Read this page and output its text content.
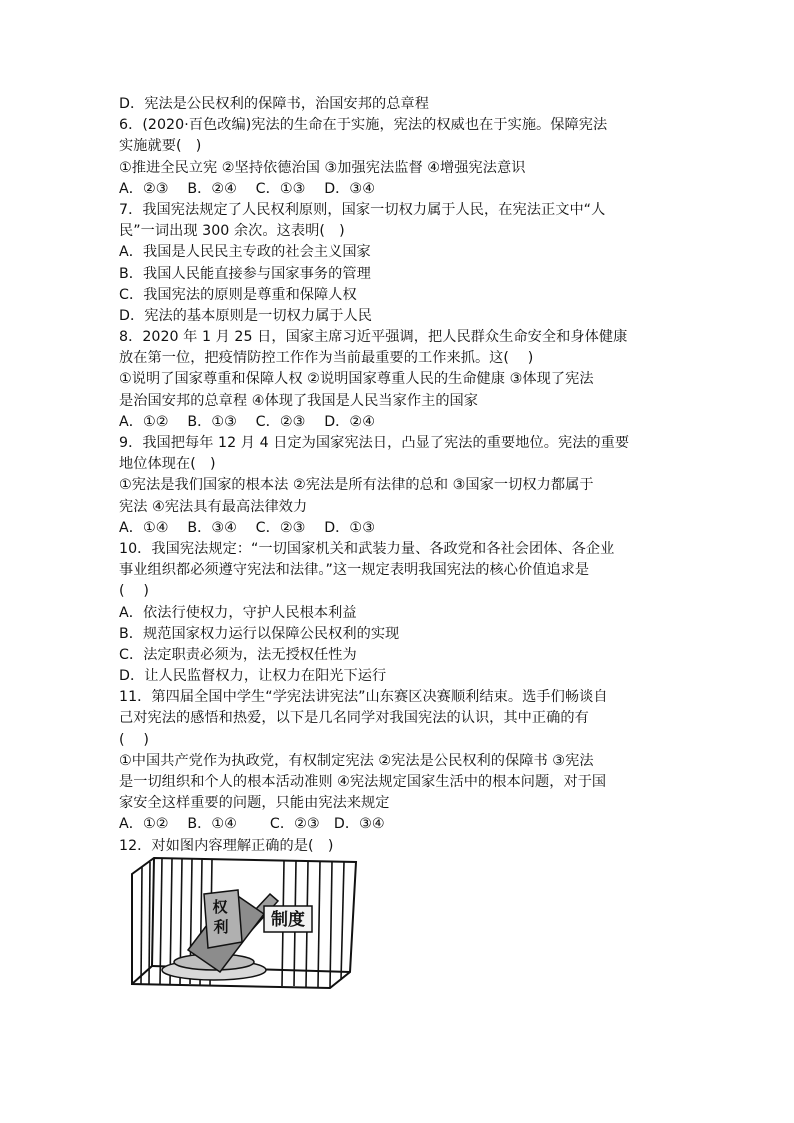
D．宪法是公民权利的保障书，治国安邦的总章程
6．(2020·百色改编)宪法的生命在于实施，宪法的权威也在于实施。保障宪法
实施就要(　)
①推进全民立宪 ②坚持依德治国 ③加强宪法监督 ④增强宪法意识
A．②③　 B．②④　 C．①③　 D．③④
7．我国宪法规定了人民权利原则，国家一切权力属于人民，在宪法正文中“人
民”一词出现 300 余次。这表明(　)
A．我国是人民民主专政的社会主义国家
B．我国人民能直接参与国家事务的管理
C．我国宪法的原则是尊重和保障人权
D．宪法的基本原则是一切权力属于人民
8．2020 年 1 月 25 日，国家主席习近平强调，把人民群众生命安全和身体健康
放在第一位，把疫情防控工作作为当前最重要的工作来抓。这(　 )
①说明了国家尊重和保障人权 ②说明国家尊重人民的生命健康 ③体现了宪法
是治国安邦的总章程 ④体现了我国是人民当家作主的国家
A．①②　 B．①③　 C．②③　 D．②④
9．我国把每年 12 月 4 日定为国家宪法日，凸显了宪法的重要地位。宪法的重要
地位体现在(　)
①宪法是我们国家的根本法 ②宪法是所有法律的总和 ③国家一切权力都属于
宪法 ④宪法具有最高法律效力
A．①④　 B．③④　 C．②③　 D．①③
10．我国宪法规定：“一切国家机关和武装力量、各政党和各社会团体、各企业
事业组织都必须遵守宪法和法律。”这一规定表明我国宪法的核心价值追求是
(　 )
A．依法行使权力，守护人民根本利益
B．规范国家权力运行以保障公民权利的实现
C．法定职责必须为，法无授权任性为
D．让人民监督权力，让权力在阳光下运行
11．第四届全国中学生“学宪法讲宪法”山东赛区决赛顺利结束。选手们畅谈自
己对宪法的感悟和热爱，以下是几名同学对我国宪法的认识，其中正确的有
(　 )
①中国共产党作为执政党，有权制定宪法 ②宪法是公民权利的保障书 ③宪法
是一切组织和个人的根本活动准则 ④宪法规定国家生活中的根本问题，对于国
家安全这样重要的问题，只能由宪法来规定
A．①②　 B．①④　　 C．②③　D．③④
12．对如图内容理解正确的是(　)
权
利 制度
